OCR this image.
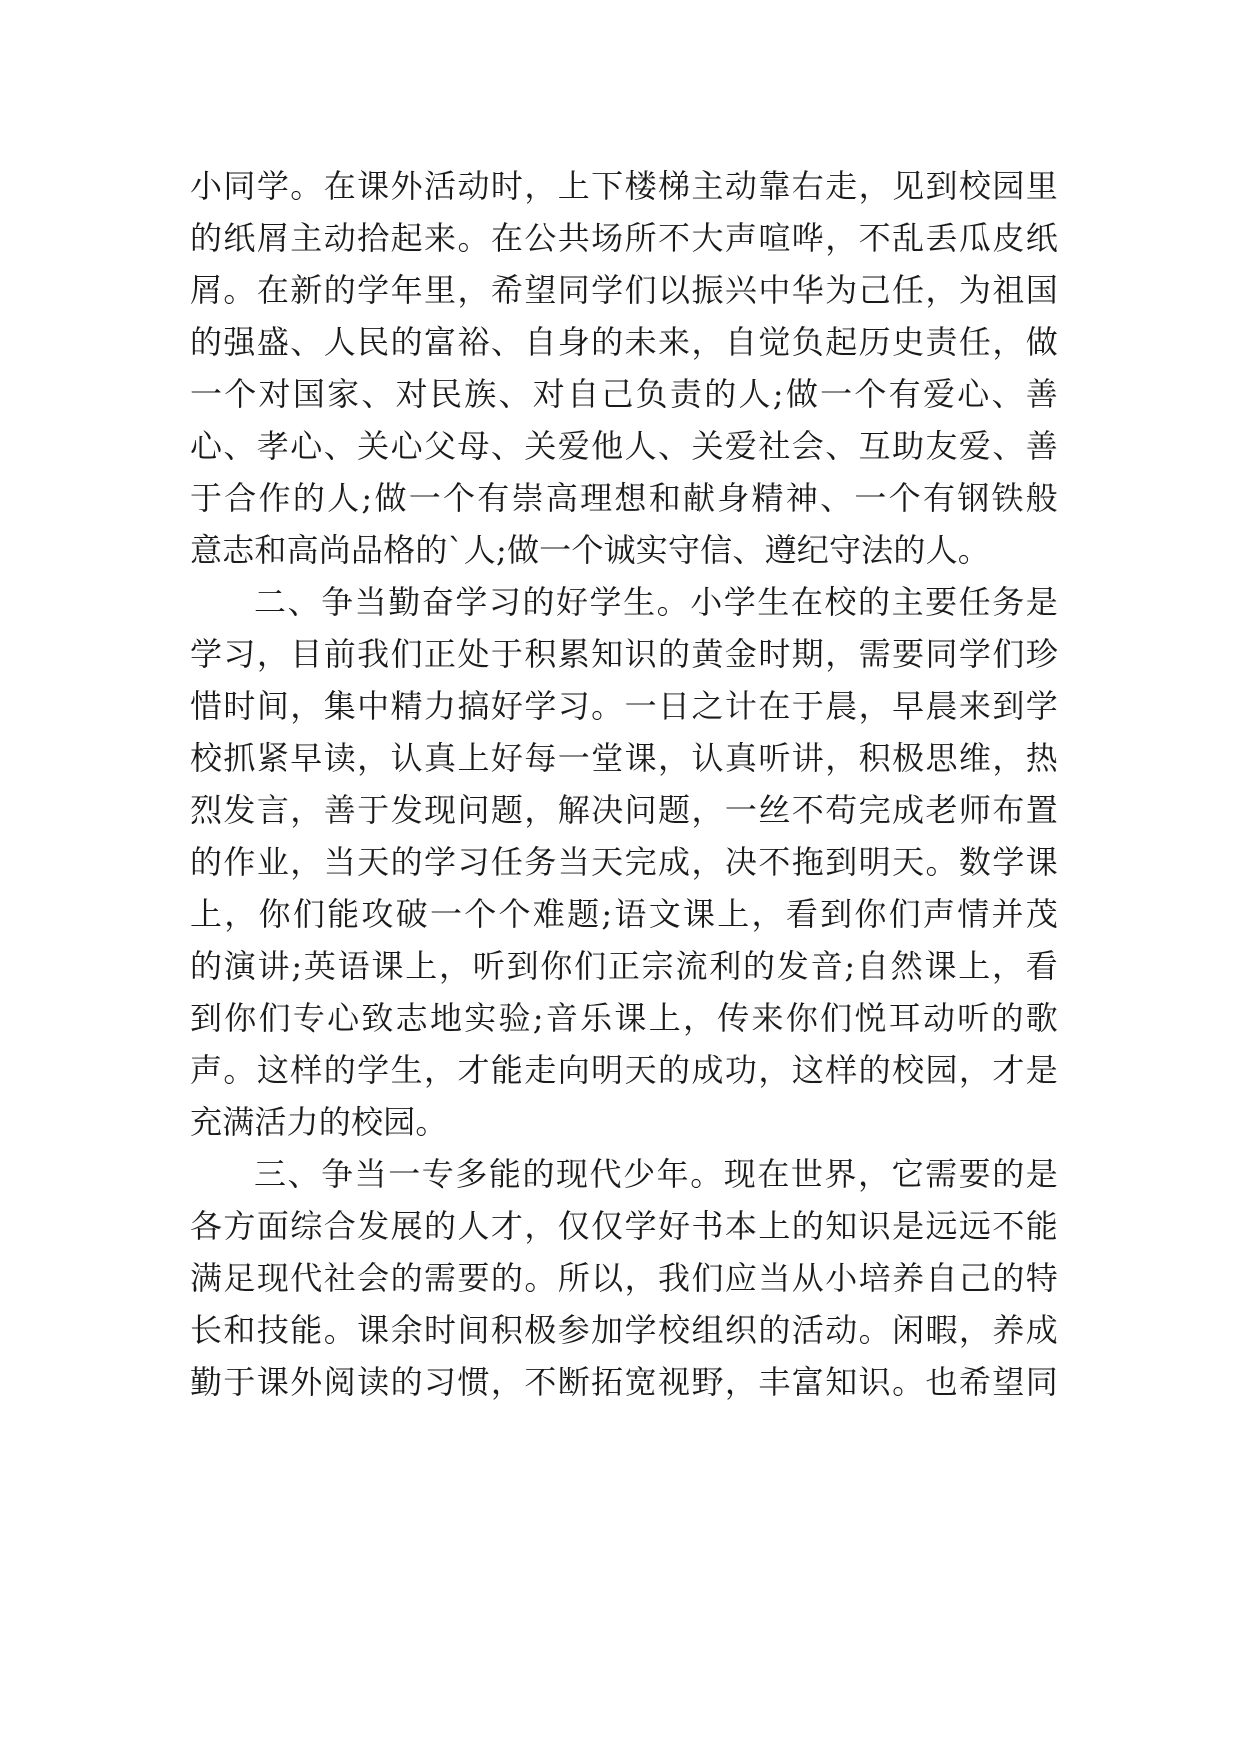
小同学。在课外活动时，上下楼梯主动靠右走，见到校园里
的纸屑主动拾起来。在公共场所不大声喧哗，不乱丢瓜皮纸
屑。在新的学年里，希望同学们以振兴中华为己任，为祖国
的强盛、人民的富裕、自身的未来，自觉负起历史责任，做
一个对国家、对民族、对自己负责的人;做一个有爱心、善
心、孝心、关心父母、关爱他人、关爱社会、互助友爱、善
于合作的人;做一个有崇高理想和献身精神、一个有钢铁般
意志和高尚品格的`人;做一个诚实守信、遵纪守法的人。
二、争当勤奋学习的好学生。小学生在校的主要任务是
学习，目前我们正处于积累知识的黄金时期，需要同学们珍
惜时间，集中精力搞好学习。一日之计在于晨，早晨来到学
校抓紧早读，认真上好每一堂课，认真听讲，积极思维，热
烈发言，善于发现问题，解决问题，一丝不苟完成老师布置
的作业，当天的学习任务当天完成，决不拖到明天。数学课
上，你们能攻破一个个难题;语文课上，看到你们声情并茂
的演讲;英语课上，听到你们正宗流利的发音;自然课上，看
到你们专心致志地实验;音乐课上，传来你们悦耳动听的歌
声。这样的学生，才能走向明天的成功，这样的校园，才是
充满活力的校园。
三、争当一专多能的现代少年。现在世界，它需要的是
各方面综合发展的人才，仅仅学好书本上的知识是远远不能
满足现代社会的需要的。所以，我们应当从小培养自己的特
长和技能。课余时间积极参加学校组织的活动。闲暇，养成
勤于课外阅读的习惯，不断拓宽视野，丰富知识。也希望同
